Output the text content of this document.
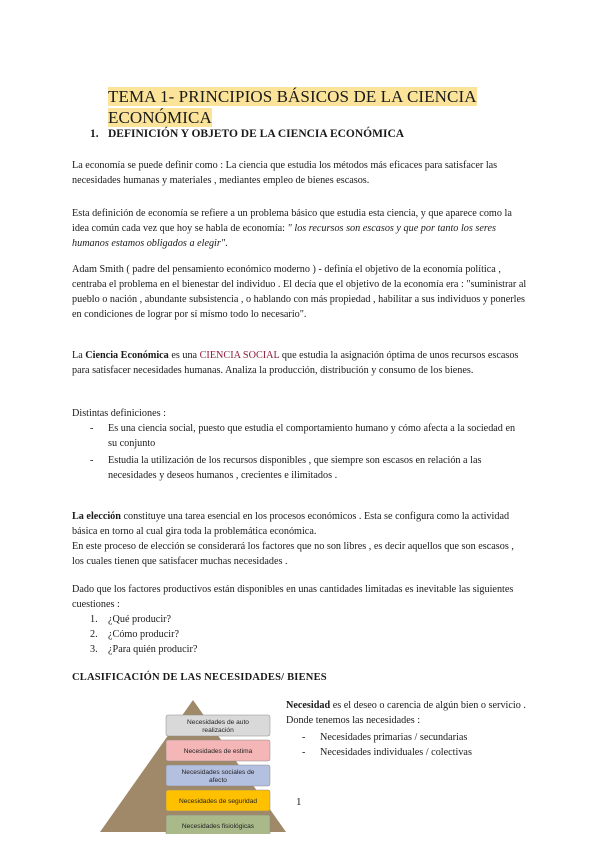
TEMA 1- PRINCIPIOS BÁSICOS DE LA CIENCIA ECONÓMICA
1. DEFINICIÓN Y OBJETO DE LA CIENCIA ECONÓMICA

La economía se puede definir como : La ciencia que estudia los métodos más eficaces para satisfacer las necesidades humanas y materiales , mediantes empleo de bienes escasos.

Esta definición de economía se refiere a un problema básico que estudia esta ciencia, y que aparece como la idea común cada vez que hoy se habla de economía: " los recursos son escasos y que por tanto los seres humanos estamos obligados a elegir".

Adam Smith ( padre del pensamiento económico moderno ) - definía el objetivo de la economía política , centraba el problema en el bienestar del individuo . El decía que el objetivo de la economía era : "suministrar al pueblo o nación , abundante subsistencia , o hablando con más propiedad , habilitar a sus individuos y ponerles en condiciones de lograr por sí mismo todo lo necesario".

La Ciencia Económica es una CIENCIA SOCIAL que estudia la asignación óptima de unos recursos escasos para satisfacer necesidades humanas. Analiza la producción, distribución y consumo de los bienes.

Distintas definiciones :

- Es una ciencia social, puesto que estudia el comportamiento humano y cómo afecta a la sociedad en su conjunto
- Estudia la utilización de los recursos disponibles , que siempre son escasos en relación a las necesidades y deseos humanos , crecientes e ilimitados .

La elección constituye una tarea esencial en los procesos económicos . Esta se configura como la actividad básica en torno al cual gira toda la problemática económica.
En este proceso de elección se considerará los factores que no son libres , es decir aquellos que son escasos , los cuales tienen que satisfacer muchas necesidades .

Dado que los factores productivos están disponibles en unas cantidades limitadas es inevitable las siguientes cuestiones :

1. ¿Qué producir?
2. ¿Cómo producir?
3. ¿Para quién producir?
CLASIFICACIÓN DE LAS NECESIDADES/ BIENES
Necesidades de auto
realización
Necesidades de estima
Necesidades sociales de
afecto
Necesidades de seguridad
Necesidades fisiológicas

Necesidad es el deseo o carencia de algún bien o servicio . Donde tenemos las necesidades :

- Necesidades primarias / secundarias
- Necesidades individuales / colectivas
1
